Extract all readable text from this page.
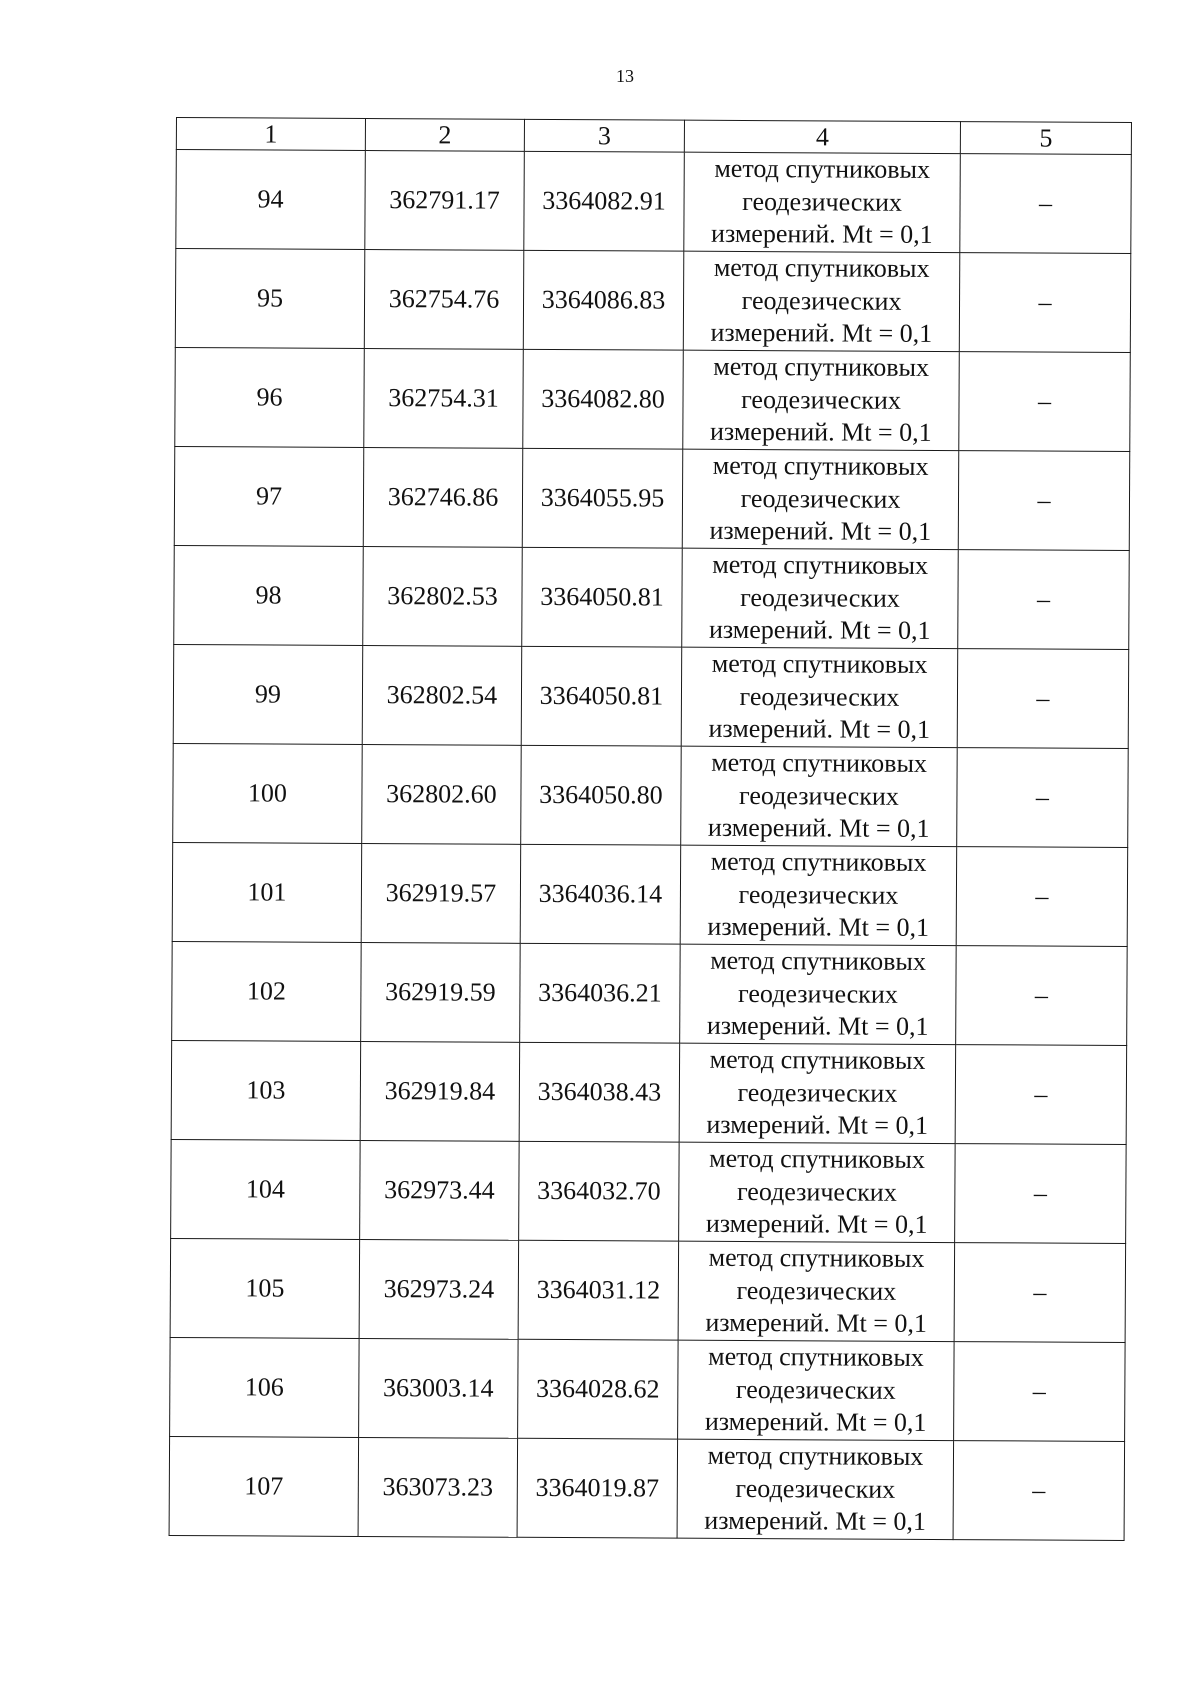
13
1	2	3	4	5
94	362791.17	3364082.91	метод спутниковых геодезических измерений. Mt = 0,1	–
95	362754.76	3364086.83	метод спутниковых геодезических измерений. Mt = 0,1	–
96	362754.31	3364082.80	метод спутниковых геодезических измерений. Mt = 0,1	–
97	362746.86	3364055.95	метод спутниковых геодезических измерений. Mt = 0,1	–
98	362802.53	3364050.81	метод спутниковых геодезических измерений. Mt = 0,1	–
99	362802.54	3364050.81	метод спутниковых геодезических измерений. Mt = 0,1	–
100	362802.60	3364050.80	метод спутниковых геодезических измерений. Mt = 0,1	–
101	362919.57	3364036.14	метод спутниковых геодезических измерений. Mt = 0,1	–
102	362919.59	3364036.21	метод спутниковых геодезических измерений. Mt = 0,1	–
103	362919.84	3364038.43	метод спутниковых геодезических измерений. Mt = 0,1	–
104	362973.44	3364032.70	метод спутниковых геодезических измерений. Mt = 0,1	–
105	362973.24	3364031.12	метод спутниковых геодезических измерений. Mt = 0,1	–
106	363003.14	3364028.62	метод спутниковых геодезических измерений. Mt = 0,1	–
107	363073.23	3364019.87	метод спутниковых геодезических измерений. Mt = 0,1	–
